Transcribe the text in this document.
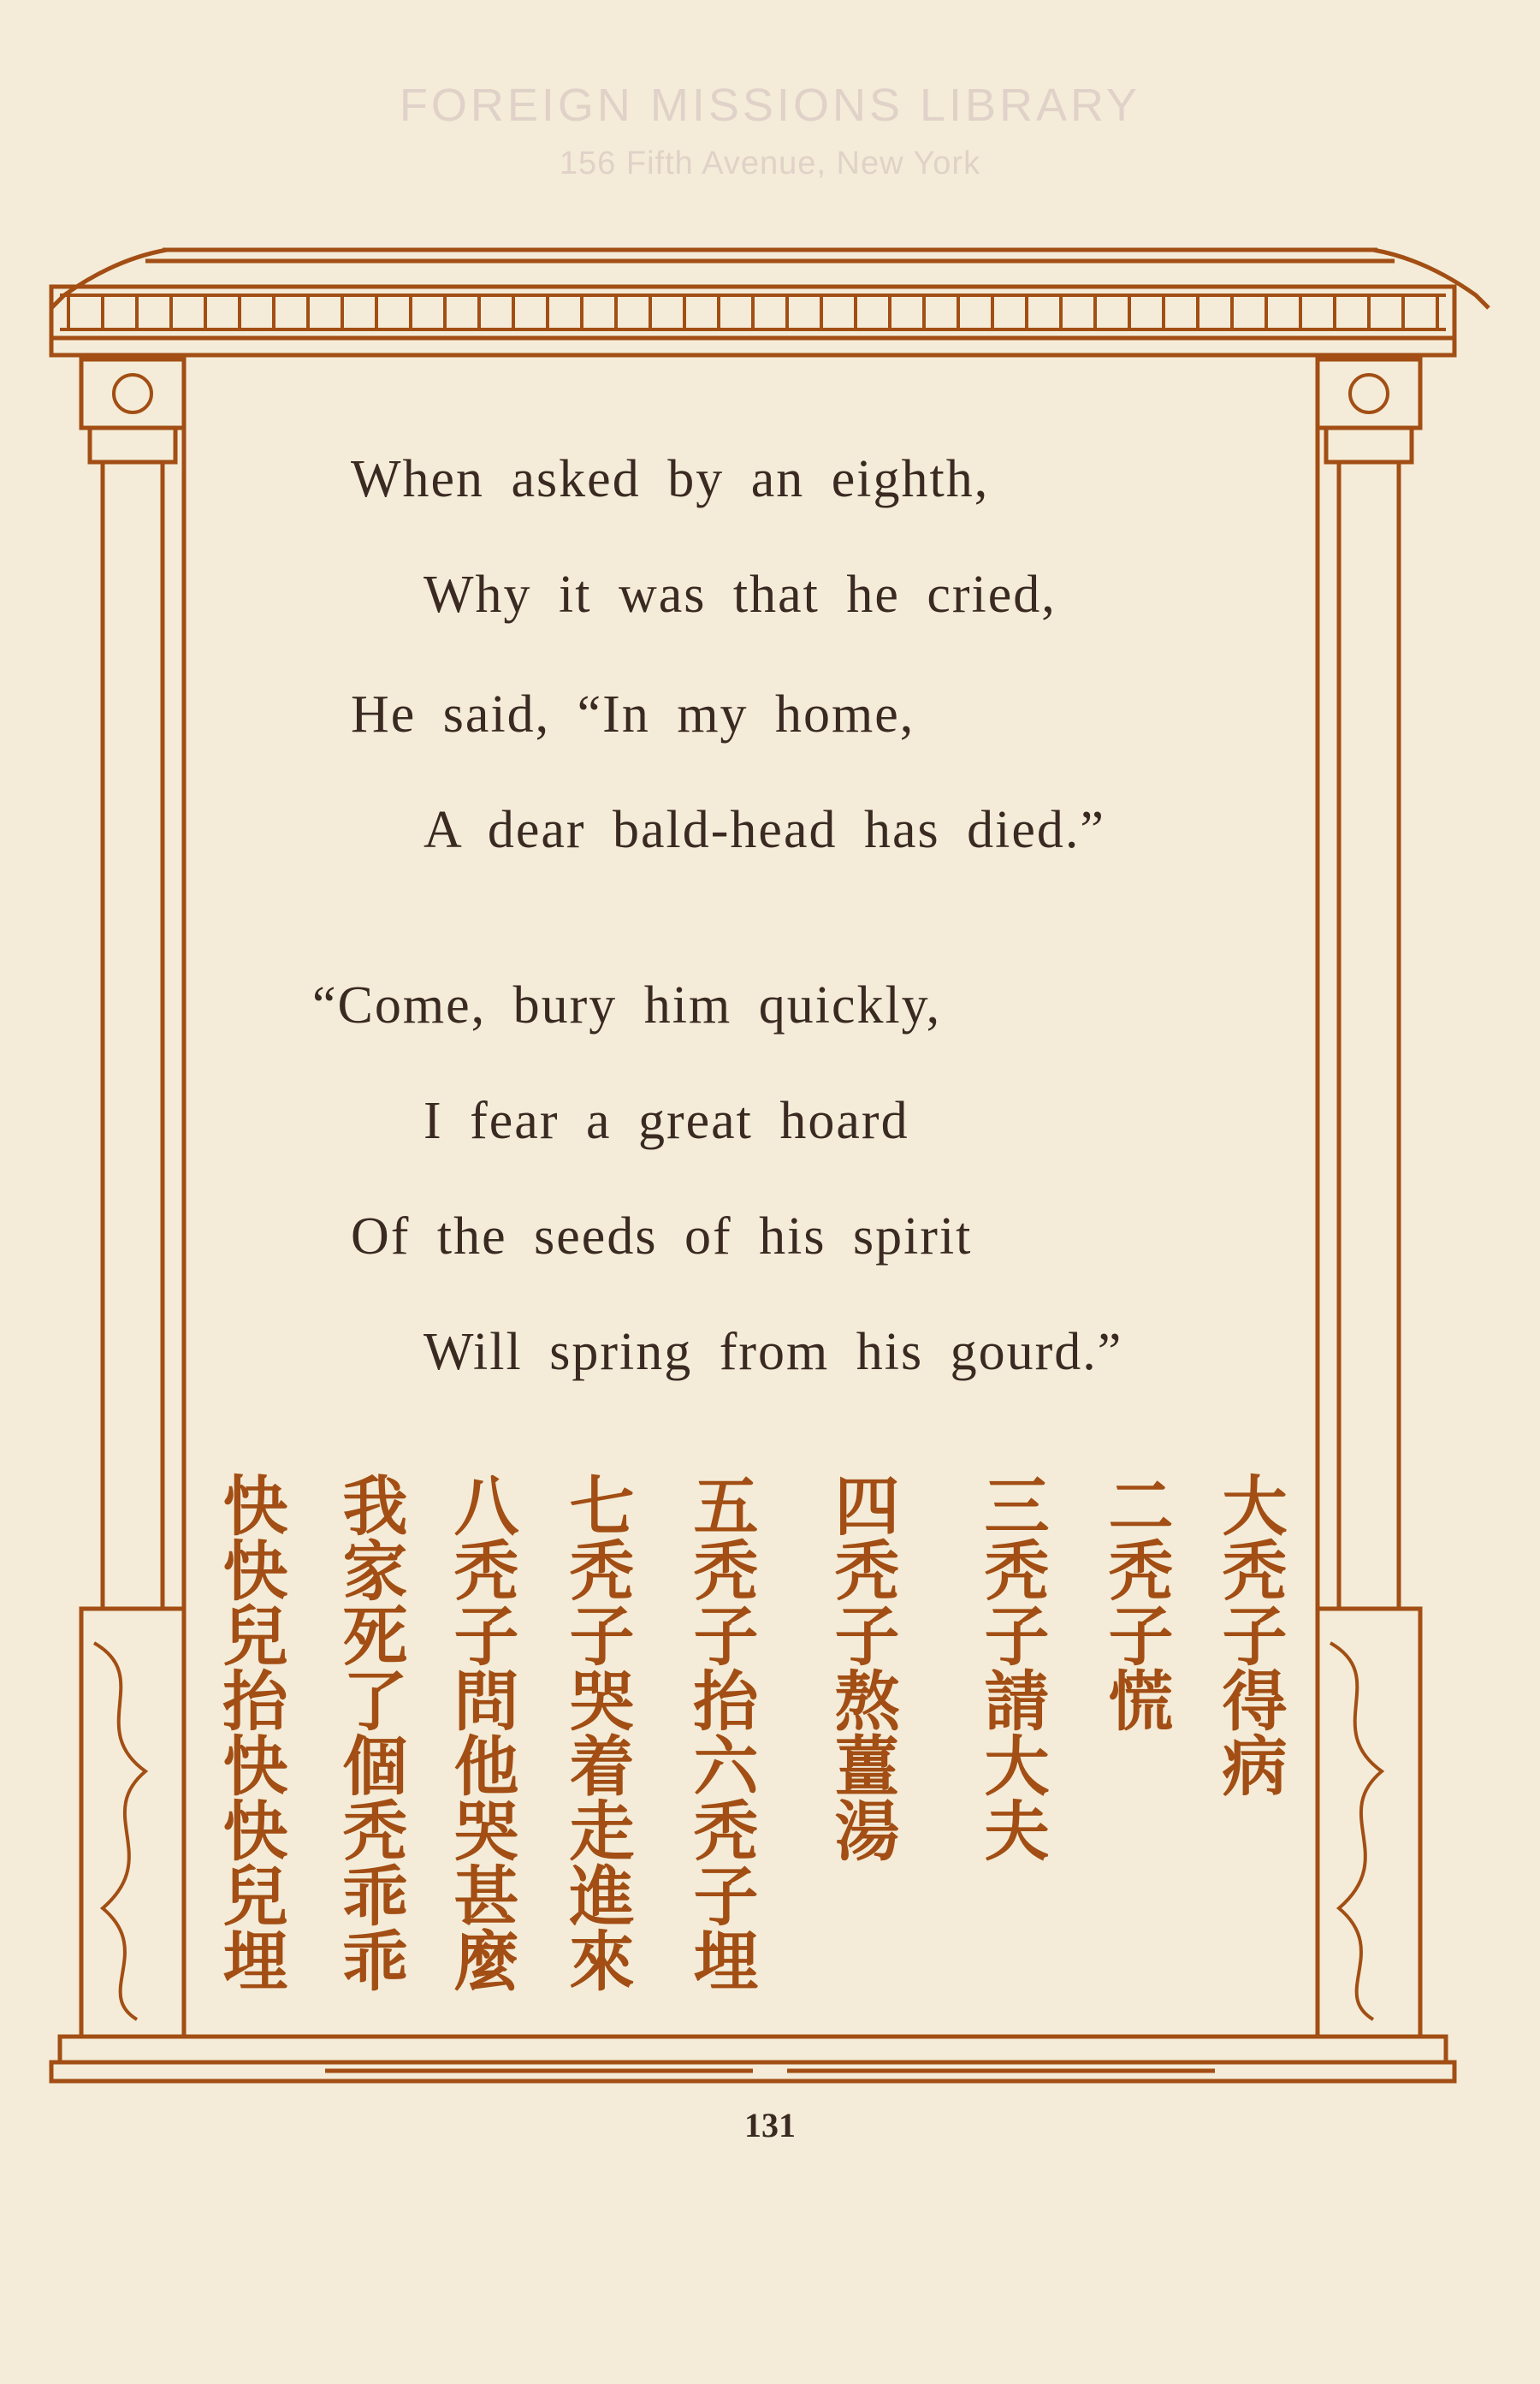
FOREIGN MISSIONS LIBRARY
156 Fifth Avenue, New York
When asked by an eighth,
Why it was that he cried,
He said, “In my home,
A dear bald-head has died.”
“Come, bury him quickly,
I fear a great hoard
Of the seeds of his spirit
Will spring from his gourd.”
大秃子得病
二秃子慌
三秃子請大夫
四秃子熬薑湯
五秃子抬六秃子埋
七秃子哭着走進來
八秃子問他哭甚麼
我家死了個秃乖乖
快快兒抬快快兒埋
131
